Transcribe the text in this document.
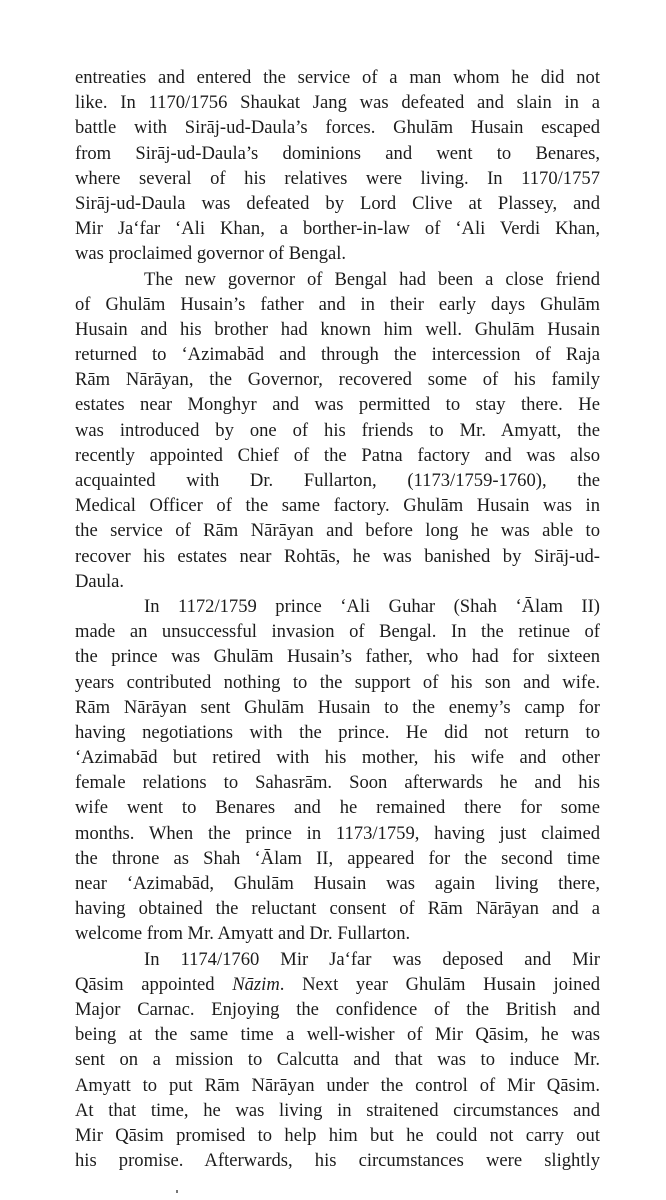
entreaties and entered the service of a man whom he did not
like. In 1170/1756 Shaukat Jang was defeated and slain in a
battle with Sirāj-ud-Daula’s forces. Ghulām Husain escaped
from Sirāj-ud-Daula’s dominions and went to Benares,
where several of his relatives were living. In 1170/1757
Sirāj-ud-Daula was defeated by Lord Clive at Plassey, and
Mir Ja‘far ‘Ali Khan, a borther-in-law of ‘Ali Verdi Khan,
was proclaimed governor of Bengal.

The new governor of Bengal had been a close friend
of Ghulām Husain’s father and in their early days Ghulām
Husain and his brother had known him well. Ghulām Husain
returned to ‘Azimabād and through the intercession of Raja
Rām Nārāyan, the Governor, recovered some of his family
estates near Monghyr and was permitted to stay there. He
was introduced by one of his friends to Mr. Amyatt, the
recently appointed Chief of the Patna factory and was also
acquainted with Dr. Fullarton, (1173/1759-1760), the
Medical Officer of the same factory. Ghulām Husain was in
the service of Rām Nārāyan and before long he was able to
recover his estates near Rohtās, he was banished by Sirāj-ud-
Daula.

In 1172/1759 prince ‘Ali Guhar (Shah ‘Ālam II)
made an unsuccessful invasion of Bengal. In the retinue of
the prince was Ghulām Husain’s father, who had for sixteen
years contributed nothing to the support of his son and wife.
Rām Nārāyan sent Ghulām Husain to the enemy’s camp for
having negotiations with the prince. He did not return to
‘Azimabād but retired with his mother, his wife and other
female relations to Sahasrām. Soon afterwards he and his
wife went to Benares and he remained there for some
months. When the prince in 1173/1759, having just claimed
the throne as Shah ‘Ālam II, appeared for the second time
near ‘Azimabād, Ghulām Husain was again living there,
having obtained the reluctant consent of Rām Nārāyan and a
welcome from Mr. Amyatt and Dr. Fullarton.

In 1174/1760 Mir Ja‘far was deposed and Mir
Qāsim appointed Nāzim. Next year Ghulām Husain joined
Major Carnac. Enjoying the confidence of the British and
being at the same time a well-wisher of Mir Qāsim, he was
sent on a mission to Calcutta and that was to induce Mr.
Amyatt to put Rām Nārāyan under the control of Mir Qāsim.
At that time, he was living in straitened circumstances and
Mir Qāsim promised to help him but he could not carry out
his promise. Afterwards, his circumstances were slightly
